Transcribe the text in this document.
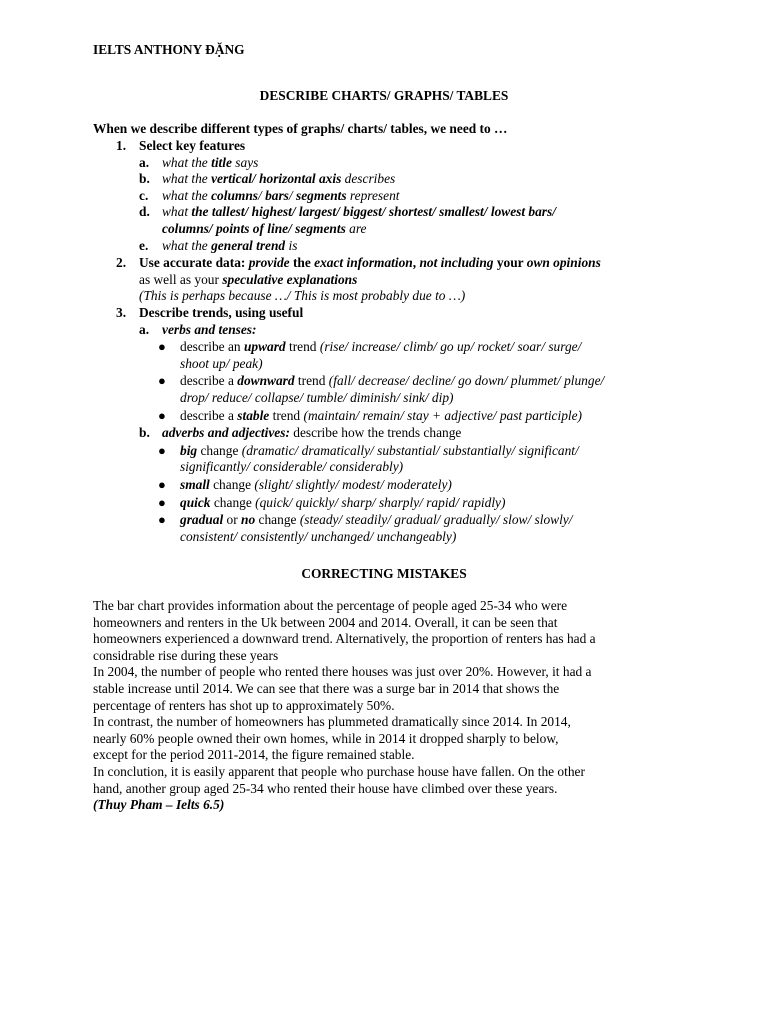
IELTS ANTHONY ĐẶNG
DESCRIBE CHARTS/ GRAPHS/ TABLES
When we describe different types of graphs/ charts/ tables, we need to …
1. Select key features
a. what the title says
b. what the vertical/ horizontal axis describes
c. what the columns/ bars/ segments represent
d. what the tallest/ highest/ largest/ biggest/ shortest/ smallest/ lowest bars/
columns/ points of line/ segments are
e. what the general trend is
2. Use accurate data: provide the exact information, not including your own opinions
as well as your speculative explanations
(This is perhaps because …/ This is most probably due to …)
3. Describe trends, using useful
a. verbs and tenses:
● describe an upward trend (rise/ increase/ climb/ go up/ rocket/ soar/ surge/
shoot up/ peak)
● describe a downward trend (fall/ decrease/ decline/ go down/ plummet/ plunge/
drop/ reduce/ collapse/ tumble/ diminish/ sink/ dip)
● describe a stable trend (maintain/ remain/ stay + adjective/ past participle)
b. adverbs and adjectives: describe how the trends change
● big change (dramatic/ dramatically/ substantial/ substantially/ significant/
significantly/ considerable/ considerably)
● small change (slight/ slightly/ modest/ moderately)
● quick change (quick/ quickly/ sharp/ sharply/ rapid/ rapidly)
● gradual or no change (steady/ steadily/ gradual/ gradually/ slow/ slowly/
consistent/ consistently/ unchanged/ unchangeably)
CORRECTING MISTAKES

The bar chart provides information about the percentage of people aged 25-34 who were

homeowners and renters in the Uk between 2004 and 2014. Overall, it can be seen that

homeowners experienced a downward trend. Alternatively, the proportion of renters has had a

considrable rise during these years

In 2004, the number of people who rented there houses was just over 20%. However, it had a

stable increase until 2014. We can see that there was a surge bar in 2014 that shows the

percentage of renters has shot up to approximately 50%.

In contrast, the number of homeowners has plummeted dramatically since 2014. In 2014,

nearly 60% people owned their own homes, while in 2014 it dropped sharply to below,

except for the period 2011-2014, the figure remained stable.

In conclution, it is easily apparent that people who purchase house have fallen. On the other

hand, another group aged 25-34 who rented their house have climbed over these years.

(Thuy Pham – Ielts 6.5)
